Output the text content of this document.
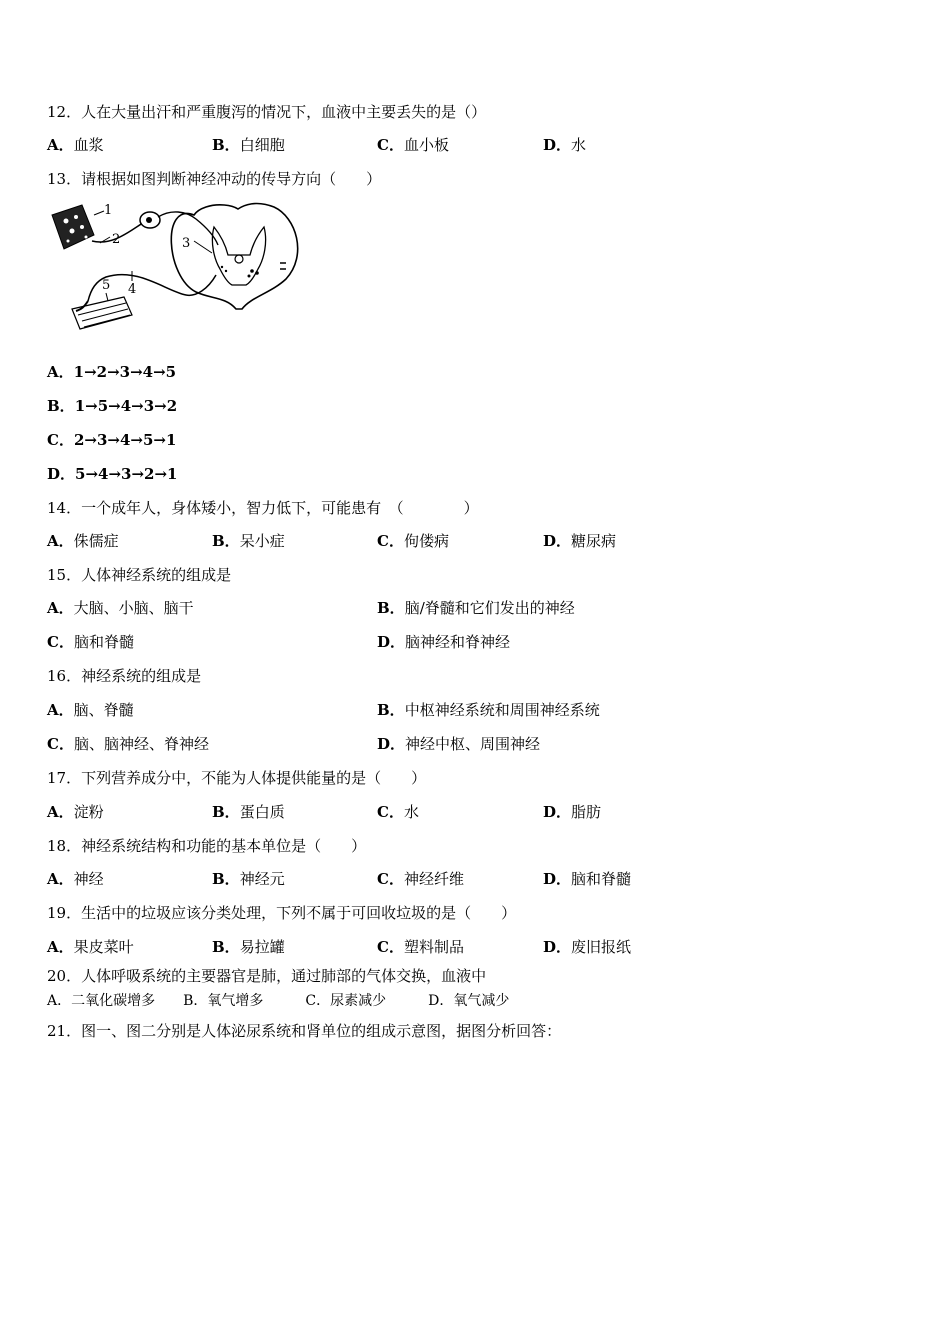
12．人在大量出汗和严重腹泻的情况下，血液中主要丢失的是（）
A．血浆	B．白细胞	C．血小板	D．水
13．请根据如图判断神经冲动的传导方向（　　）
1
2	3
4
5
A．1→2→3→4→5
B．1→5→4→3→2
C．2→3→4→5→1
D．5→4→3→2→1
14．一个成年人，身体矮小，智力低下，可能患有　（　　　　）
A．侏儒症	B．呆小症	C．佝偻病	D．糖尿病
15．人体神经系统的组成是
A．大脑、小脑、脑干	B．脑/脊髓和它们发出的神经
C．脑和脊髓	D．脑神经和脊神经
16．神经系统的组成是
A．脑、脊髓	B．中枢神经系统和周围神经系统
C．脑、脑神经、脊神经	D．神经中枢、周围神经
17．下列营养成分中，不能为人体提供能量的是（　　）
A．淀粉	B．蛋白质	C．水	D．脂肪
18．神经系统结构和功能的基本单位是（　　）
A．神经	B．神经元	C．神经纤维	D．脑和脊髓
19．生活中的垃圾应该分类处理，下列不属于可回收垃圾的是（　　）
A．果皮菜叶	B．易拉罐	C．塑料制品	D．废旧报纸
20．人体呼吸系统的主要器官是肺，通过肺部的气体交换，血液中
A．二氧化碳增多　　B．氧气增多　　　C．尿素减少　　　D．氧气减少
21．图一、图二分别是人体泌尿系统和肾单位的组成示意图，据图分析回答：
